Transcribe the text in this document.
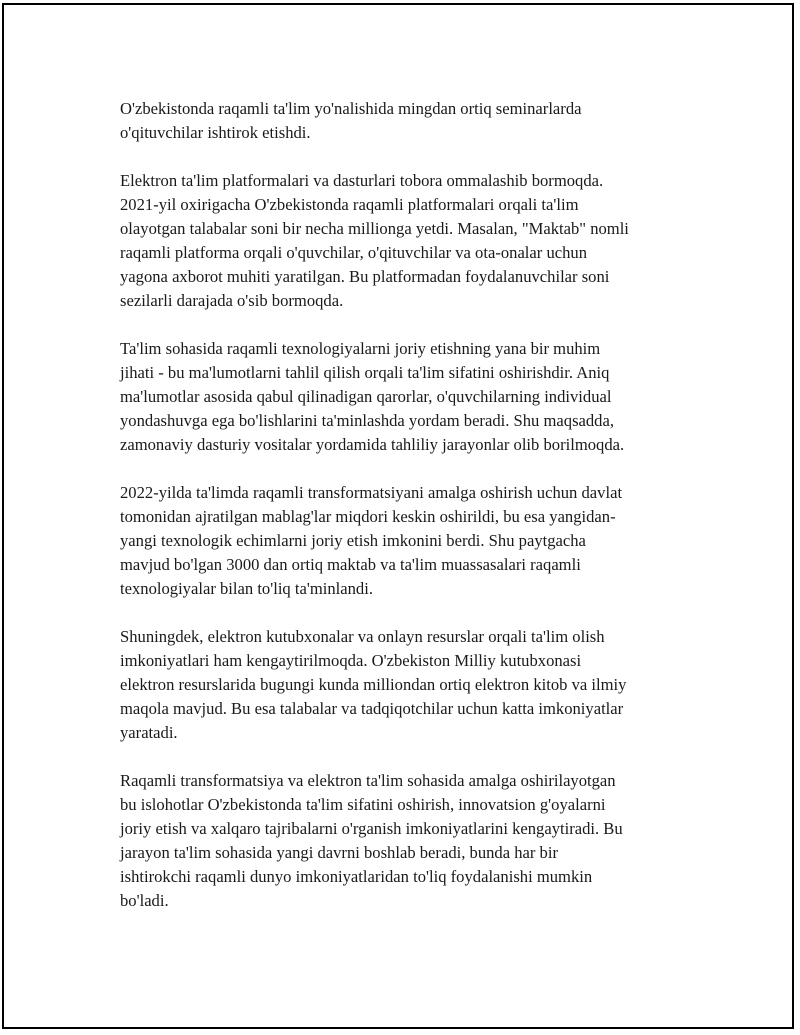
O'zbekistonda raqamli ta'lim yo'nalishida mingdan ortiq seminarlarda
o'qituvchilar ishtirok etishdi.

Elektron ta'lim platformalari va dasturlari tobora ommalashib bormoqda.
2021-yil oxirigacha O'zbekistonda raqamli platformalari orqali ta'lim
olayotgan talabalar soni bir necha millionga yetdi. Masalan, "Maktab" nomli
raqamli platforma orqali o'quvchilar, o'qituvchilar va ota-onalar uchun
yagona axborot muhiti yaratilgan. Bu platformadan foydalanuvchilar soni
sezilarli darajada o'sib bormoqda.

Ta'lim sohasida raqamli texnologiyalarni joriy etishning yana bir muhim
jihati - bu ma'lumotlarni tahlil qilish orqali ta'lim sifatini oshirishdir. Aniq
ma'lumotlar asosida qabul qilinadigan qarorlar, o'quvchilarning individual
yondashuvga ega bo'lishlarini ta'minlashda yordam beradi. Shu maqsadda,
zamonaviy dasturiy vositalar yordamida tahliliy jarayonlar olib borilmoqda.

2022-yilda ta'limda raqamli transformatsiyani amalga oshirish uchun davlat
tomonidan ajratilgan mablag'lar miqdori keskin oshirildi, bu esa yangidan-
yangi texnologik echimlarni joriy etish imkonini berdi. Shu paytgacha
mavjud bo'lgan 3000 dan ortiq maktab va ta'lim muassasalari raqamli
texnologiyalar bilan to'liq ta'minlandi.

Shuningdek, elektron kutubxonalar va onlayn resurslar orqali ta'lim olish
imkoniyatlari ham kengaytirilmoqda. O'zbekiston Milliy kutubxonasi
elektron resurslarida bugungi kunda milliondan ortiq elektron kitob va ilmiy
maqola mavjud. Bu esa talabalar va tadqiqotchilar uchun katta imkoniyatlar
yaratadi.

Raqamli transformatsiya va elektron ta'lim sohasida amalga oshirilayotgan
bu islohotlar O'zbekistonda ta'lim sifatini oshirish, innovatsion g'oyalarni
joriy etish va xalqaro tajribalarni o'rganish imkoniyatlarini kengaytiradi. Bu
jarayon ta'lim sohasida yangi davrni boshlab beradi, bunda har bir
ishtirokchi raqamli dunyo imkoniyatlaridan to'liq foydalanishi mumkin
bo'ladi.
